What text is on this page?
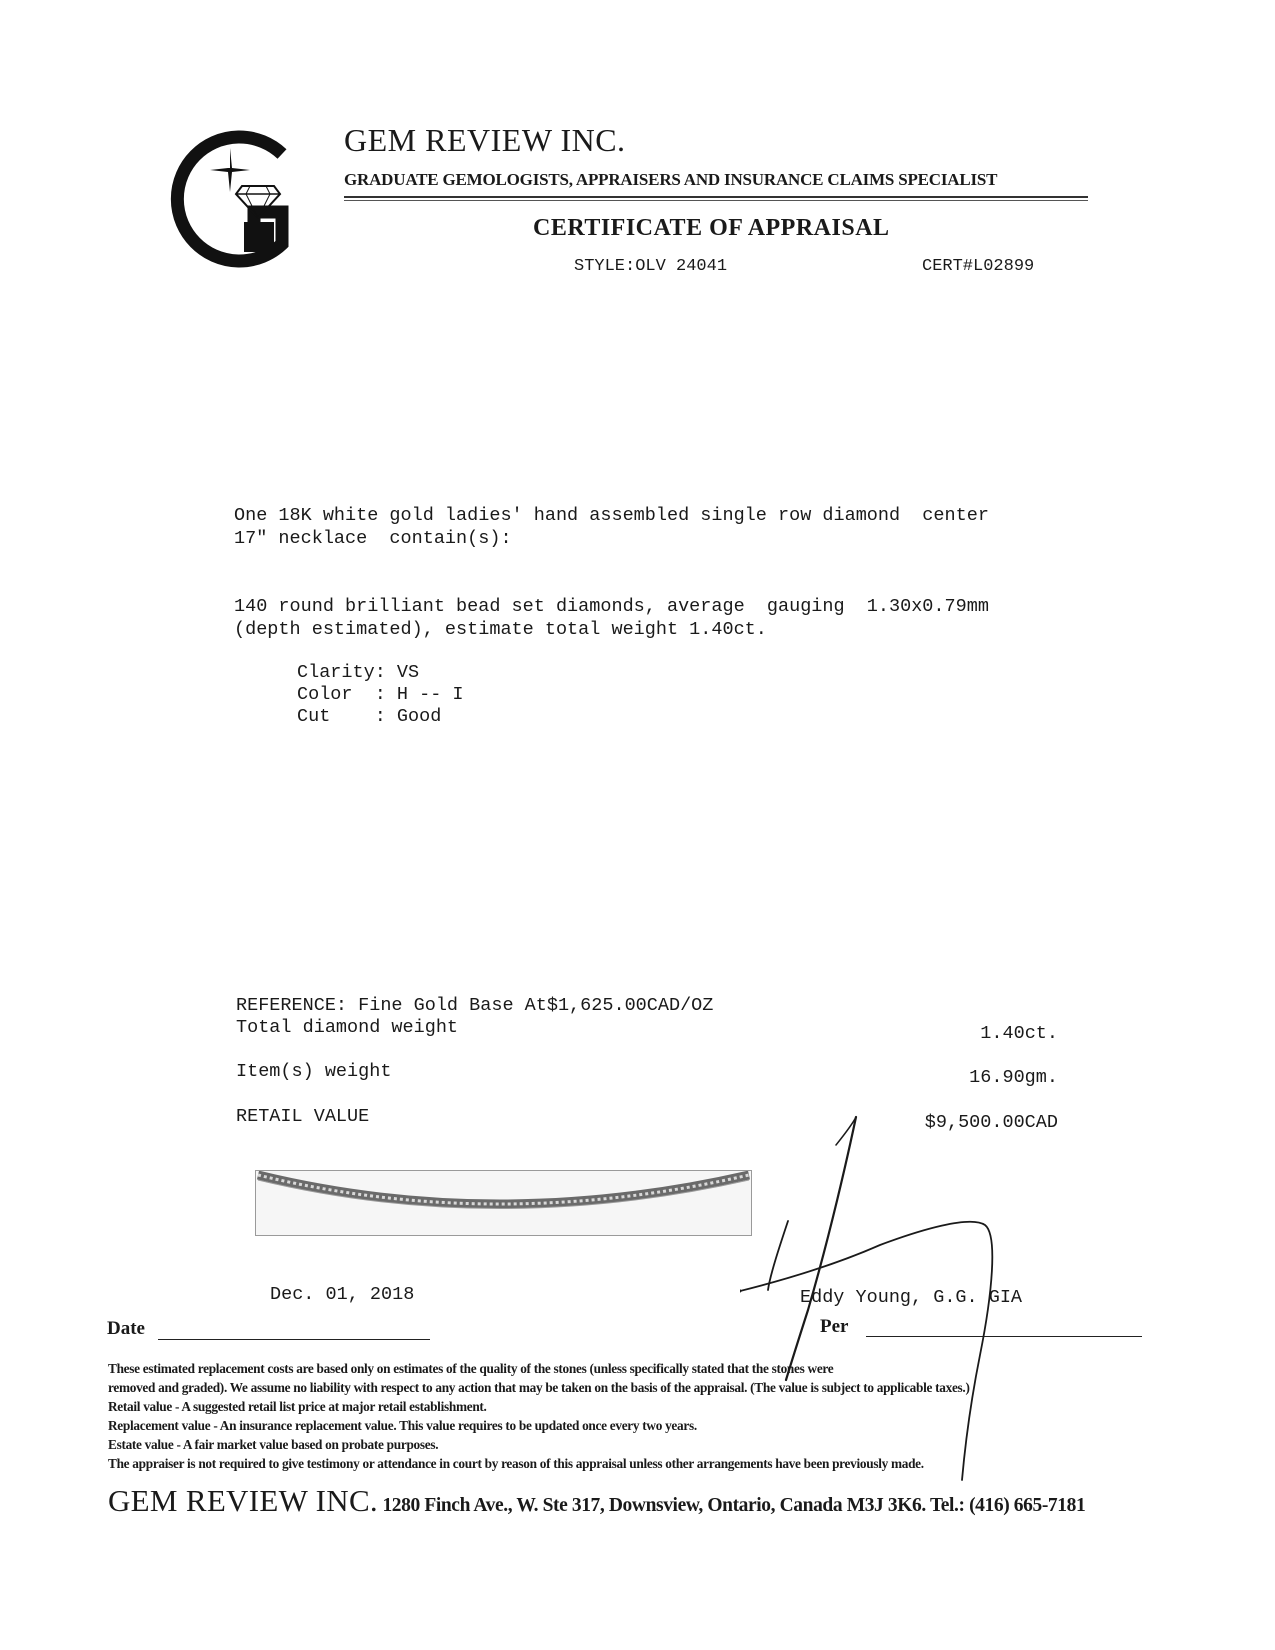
GEM REVIEW INC.
GRADUATE GEMOLOGISTS, APPRAISERS AND INSURANCE CLAIMS SPECIALIST
CERTIFICATE OF APPRAISAL
STYLE:OLV 24041	CERT#L02899
One 18K white gold ladies' hand assembled single row diamond  center
17" necklace  contain(s):
140 round brilliant bead set diamonds, average  gauging  1.30x0.79mm
(depth estimated), estimate total weight 1.40ct.
Clarity: VS
Color  : H -- I
Cut    : Good
REFERENCE: Fine Gold Base At$1,625.00CAD/OZ
Total diamond weight	1.40ct.
Item(s) weight	16.90gm.
RETAIL VALUE	$9,500.00CAD
Dec. 01, 2018	Eddy Young, G.G. GIA
Date	Per
These estimated replacement costs are based only on estimates of the quality of the stones (unless specifically stated that the stones were
removed and graded). We assume no liability with respect to any action that may be taken on the basis of the appraisal. (The value is subject to applicable taxes.)
Retail value - A suggested retail list price at major retail establishment.
Replacement value - An insurance replacement value. This value requires to be updated once every two years.
Estate value - A fair market value based on probate purposes.
The appraiser is not required to give testimony or attendance in court by reason of this appraisal unless other arrangements have been previously made.
GEM REVIEW INC. 1280 Finch Ave., W. Ste 317, Downsview, Ontario, Canada M3J 3K6. Tel.: (416) 665-7181
